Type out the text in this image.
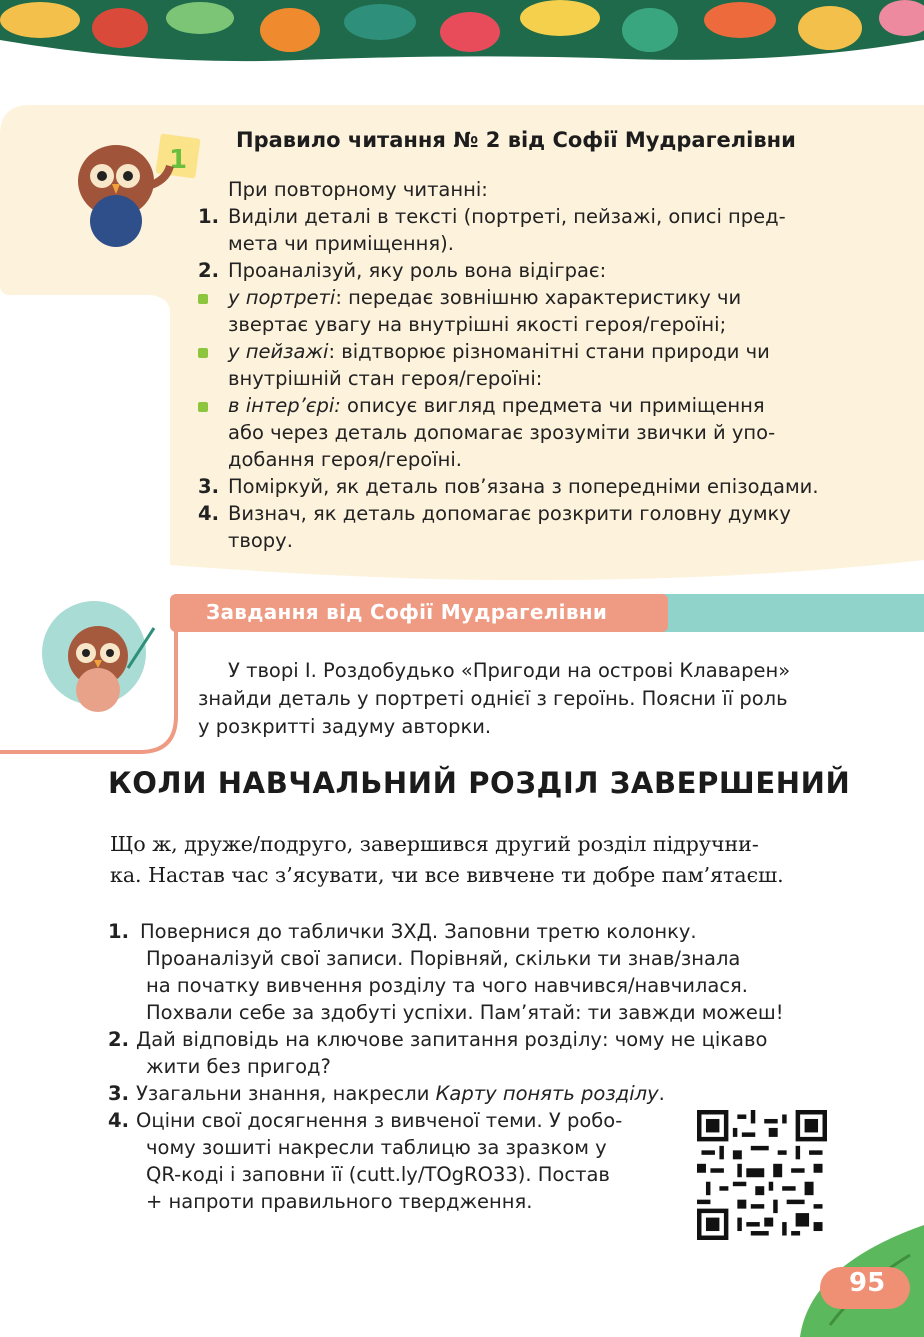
1
Правило читання № 2 від Софії Мудрагелівни
При повторному читанні:
1. Виділи деталі в тексті (портреті, пейзажі, описі пред-
мета чи приміщення).
2. Проаналізуй, яку роль вона відіграє:
у портреті: передає зовнішню характеристику чи
звертає увагу на внутрішні якості героя/героїні;
у пейзажі: відтворює різноманітні стани природи чи
внутрішній стан героя/героїні:
в інтер’єрі: описує вигляд предмета чи приміщення
або через деталь допомагає зрозуміти звички й упо-
добання героя/героїні.
3. Поміркуй, як деталь пов’язана з попередніми епізодами.
4. Визнач, як деталь допомагає розкрити головну думку
твору.
Завдання від Софії Мудрагелівни
У творі І. Роздобудько «Пригоди на острові Клаварен»
знайди деталь у портреті однієї з героїнь. Поясни її роль
у розкритті задуму авторки.
КОЛИ НАВЧАЛЬНИЙ РОЗДІЛ ЗАВЕРШЕНИЙ
Що ж, друже/подруго, завершився другий розділ підручни-
ка. Настав час з’ясувати, чи все вивчене ти добре пам’ятаєш.
1. Повернися до таблички ЗХД. Заповни третю колонку.
Проаналізуй свої записи. Порівняй, скільки ти знав/знала
на початку вивчення розділу та чого навчився/навчилася.
Похвали себе за здобуті успіхи. Пам’ятай: ти завжди можеш!
2. Дай відповідь на ключове запитання розділу: чому не цікаво
жити без пригод?
3. Узагальни знання, накресли Карту понять розділу.
4. Оціни свої досягнення з вивченої теми. У робо-
чому зошиті накресли таблицю за зразком у
QR-коді і заповни її (cutt.ly/TOgRO33). Постав
+ напроти правильного твердження.
95
